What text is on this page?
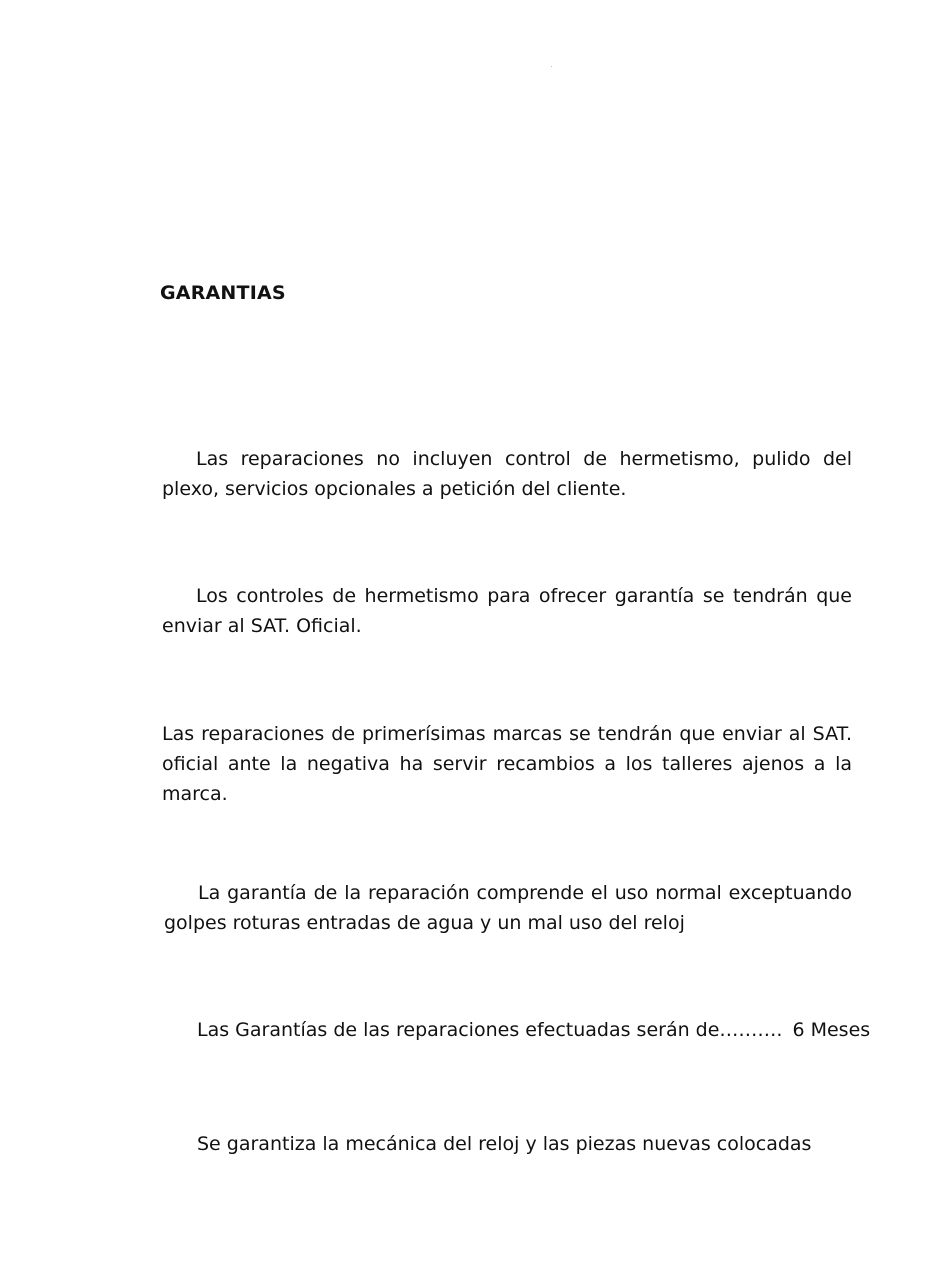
GARANTIAS

Las reparaciones no incluyen control de hermetismo, pulido del plexo, servicios opcionales a petición del cliente.

Los controles de hermetismo para ofrecer garantía se tendrán que enviar al SAT. Oficial.

Las reparaciones de primerísimas marcas se tendrán que enviar al SAT. oficial ante la negativa ha servir recambios a los talleres ajenos a la marca.

La garantía de la reparación comprende el uso normal exceptuando golpes roturas entradas de agua y un mal uso del reloj

Las Garantías de las reparaciones efectuadas serán de………. 6 Meses
Se garantiza la mecánica del reloj y las piezas nuevas colocadas
